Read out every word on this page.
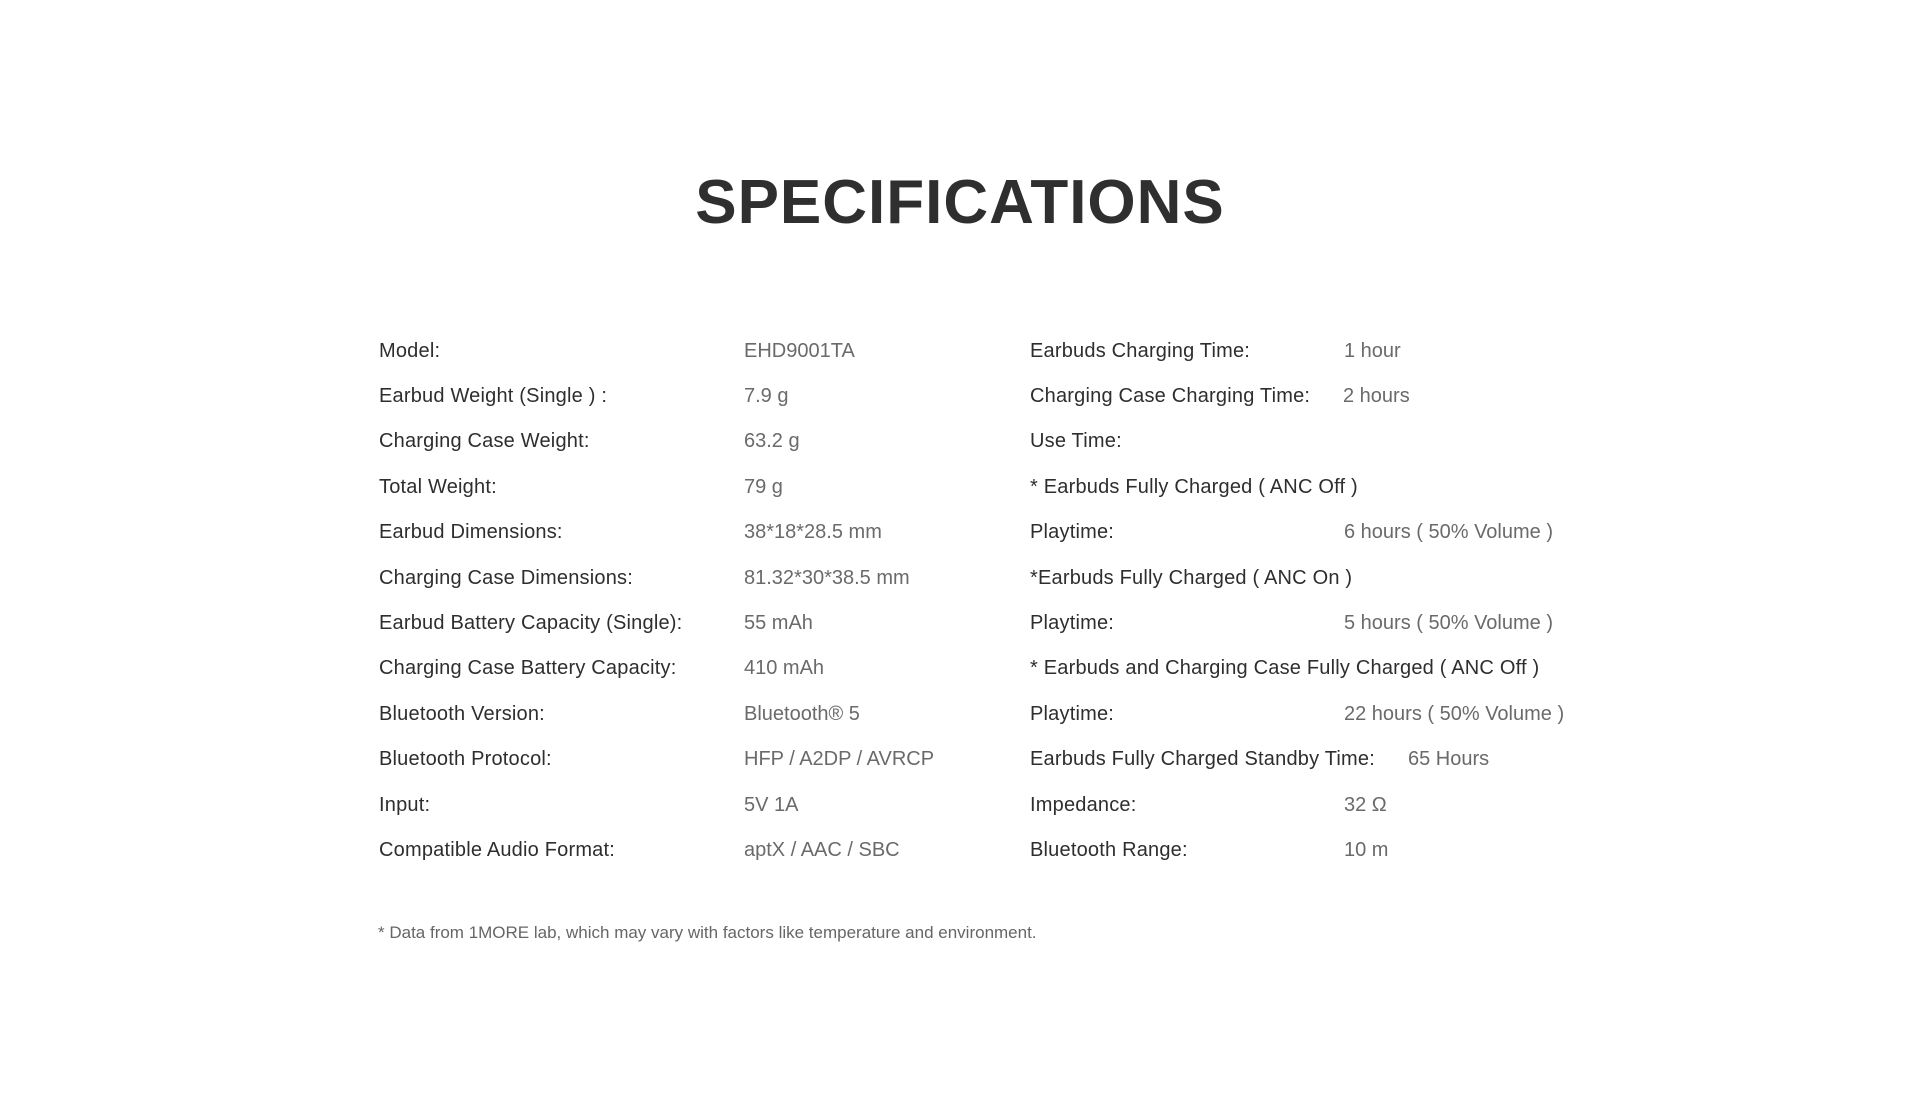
SPECIFICATIONS
Model:	EHD9001TA
Earbud Weight (Single ) :	7.9 g
Charging Case Weight:	63.2 g
Total Weight:	79 g
Earbud Dimensions:	38*18*28.5 mm
Charging Case Dimensions:	81.32*30*38.5 mm
Earbud Battery Capacity (Single):	55 mAh
Charging Case Battery Capacity:	410 mAh
Bluetooth Version:	Bluetooth® 5
Bluetooth Protocol:	HFP / A2DP / AVRCP
Input:	5V 1A
Compatible Audio Format:	aptX / AAC / SBC
Earbuds Charging Time:	1 hour
Charging Case Charging Time: 2 hours
Use Time:
* Earbuds Fully Charged ( ANC Off )
Playtime:	6 hours ( 50% Volume )
*Earbuds Fully Charged ( ANC On )
Playtime:	5 hours ( 50% Volume )
* Earbuds and Charging Case Fully Charged ( ANC Off )
Playtime:	22 hours ( 50% Volume )
Earbuds Fully Charged Standby Time: 65 Hours
Impedance:	32 Ω
Bluetooth Range:	10 m
* Data from 1MORE lab, which may vary with factors like temperature and environment.
